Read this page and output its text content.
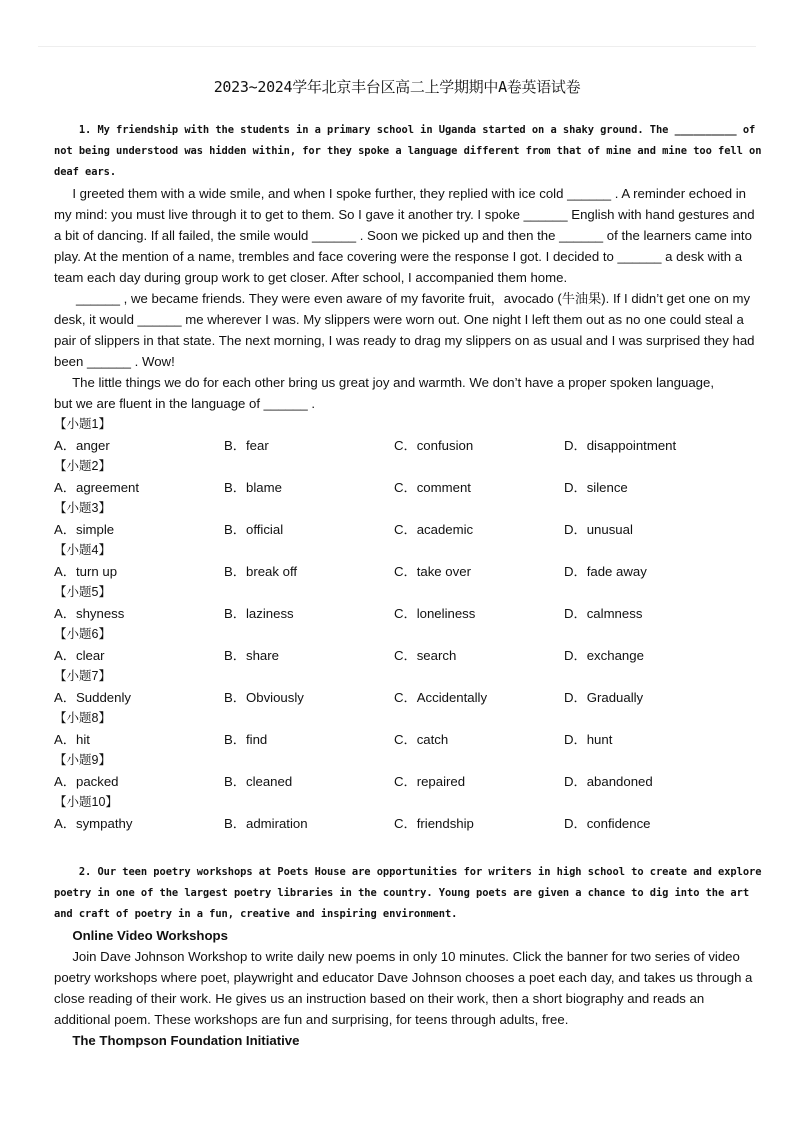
2023~2024学年北京丰台区高二上学期期中A卷英语试卷
1. My friendship with the students in a primary school in Uganda started on a shaky ground. The __________ of
not being understood was hidden within, for they spoke a language different from that of mine and mine too fell on
deaf ears.
I greeted them with a wide smile, and when I spoke further, they replied with ice cold ______ . A reminder echoed in
my mind: you must live through it to get to them. So I gave it another try. I spoke ______ English with hand gestures and
a bit of dancing. If all failed, the smile would ______ . Soon we picked up and then the ______ of the learners came into
play. At the mention of a name, trembles and face covering were the response I got. I decided to ______ a desk with a
team each day during group work to get closer. After school, I accompanied them home.
______ , we became friends. They were even aware of my favorite fruit，avocado (牛油果). If I didn’t get one on my
desk, it would ______ me wherever I was. My slippers were worn out. One night I left them out as no one could steal a
pair of slippers in that state. The next morning, I was ready to drag my slippers on as usual and I was surprised they had
been ______ . Wow!
The little things we do for each other bring us great joy and warmth. We don’t have a proper spoken language,
but we are fluent in the language of ______ .
【小题1】
A．anger	B．fear	C．confusion	D．disappointment
【小题2】
A．agreement	B．blame	C．comment	D．silence
【小题3】
A．simple	B．official	C．academic	D．unusual
【小题4】
A．turn up	B．break off	C．take over	D．fade away
【小题5】
A．shyness	B．laziness	C．loneliness	D．calmness
【小题6】
A．clear	B．share	C．search	D．exchange
【小题7】
A．Suddenly	B．Obviously	C．Accidentally	D．Gradually
【小题8】
A．hit	B．find	C．catch	D．hunt
【小题9】
A．packed	B．cleaned	C．repaired	D．abandoned
【小题10】
A．sympathy	B．admiration	C．friendship	D．confidence
2. Our teen poetry workshops at Poets House are opportunities for writers in high school to create and explore
poetry in one of the largest poetry libraries in the country. Young poets are given a chance to dig into the art
and craft of poetry in a fun, creative and inspiring environment.
Online Video Workshops
Join Dave Johnson Workshop to write daily new poems in only 10 minutes. Click the banner for two series of video
poetry workshops where poet, playwright and educator Dave Johnson chooses a poet each day, and takes us through a
close reading of their work. He gives us an instruction based on their work, then a short biography and reads an
additional poem. These workshops are fun and surprising, for teens through adults, free.
The Thompson Foundation Initiative
